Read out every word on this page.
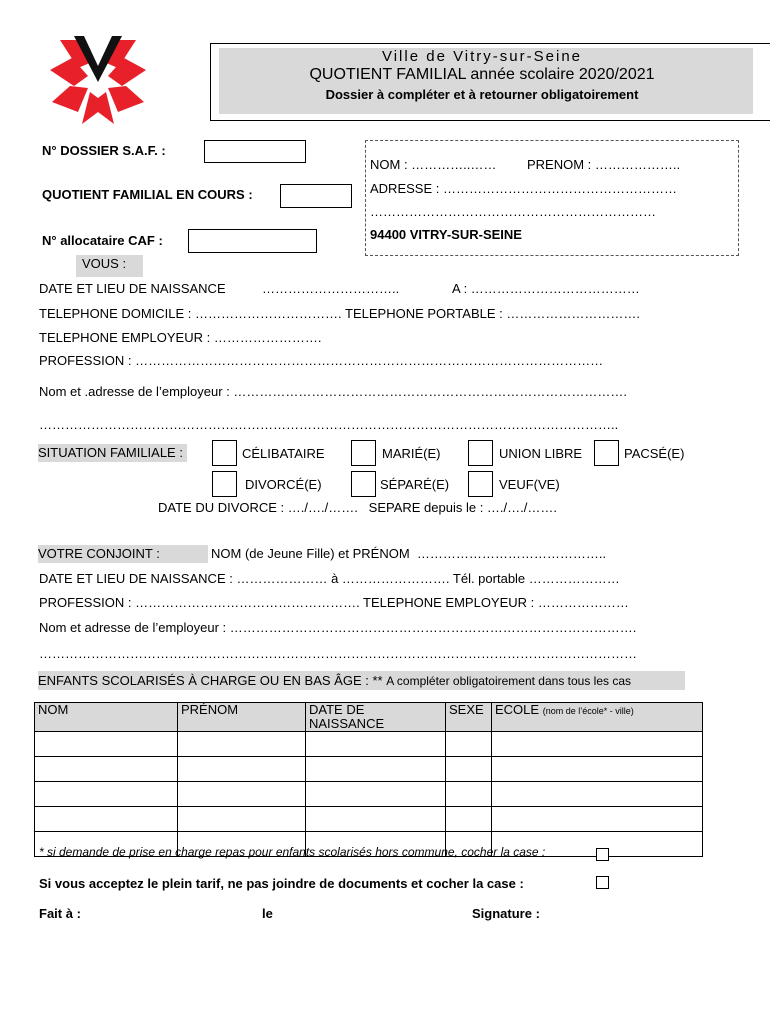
Ville de Vitry-sur-Seine
QUOTIENT FAMILIAL année scolaire 2020/2021
Dossier à compléter et à retourner obligatoirement
N° DOSSIER S.A.F. :
QUOTIENT FAMILIAL EN COURS :
N° allocataire CAF :
NOM : …………..…… PRENOM : ………………..
ADRESSE : ………………………………………………
…………………………………………………………
94400 VITRY-SUR-SEINE
VOUS :
DATE ET LIEU DE NAISSANCE	…………………………..	A : …………………………………
TELEPHONE DOMICILE : ……………………………. TELEPHONE PORTABLE : ………………………….
TELEPHONE EMPLOYEUR : …………………….
PROFESSION : ………………………………………………………………………………………………
Nom et .adresse de l’employeur : ……………………………………………………………………………….
……………………………………………………………………………………………………………………..
SITUATION FAMILIALE :	CÉLIBATAIRE	MARIÉ(E)	UNION LIBRE	PACSÉ(E)
DIVORCÉ(E)	SÉPARÉ(E)	VEUF(VE)
DATE DU DIVORCE : …./…./…….   SEPARE depuis le : …./…./…….
VOTRE CONJOINT :	NOM (de Jeune Fille) et PRÉNOM  ……………………………………..
DATE ET LIEU DE NAISSANCE : ………………… à ……………………. Tél. portable …………………
PROFESSION : ……………………………………………. TELEPHONE EMPLOYEUR : …………………
Nom et adresse de l’employeur : ………………………………………………………………………………….
…………………………………………………………………………………………………………………………
ENFANTS SCOLARISÉS À CHARGE OU EN BAS ÂGE : ** A compléter obligatoirement dans tous les cas
NOM	PRÉNOM	DATE DE NAISSANCE	SEXE	ECOLE (nom de l’école* - ville)

* si demande de prise en charge repas pour enfants scolarisés hors commune, cocher la case :
Si vous acceptez le plein tarif, ne pas joindre de documents et cocher la case :
Fait à :	le	Signature :
